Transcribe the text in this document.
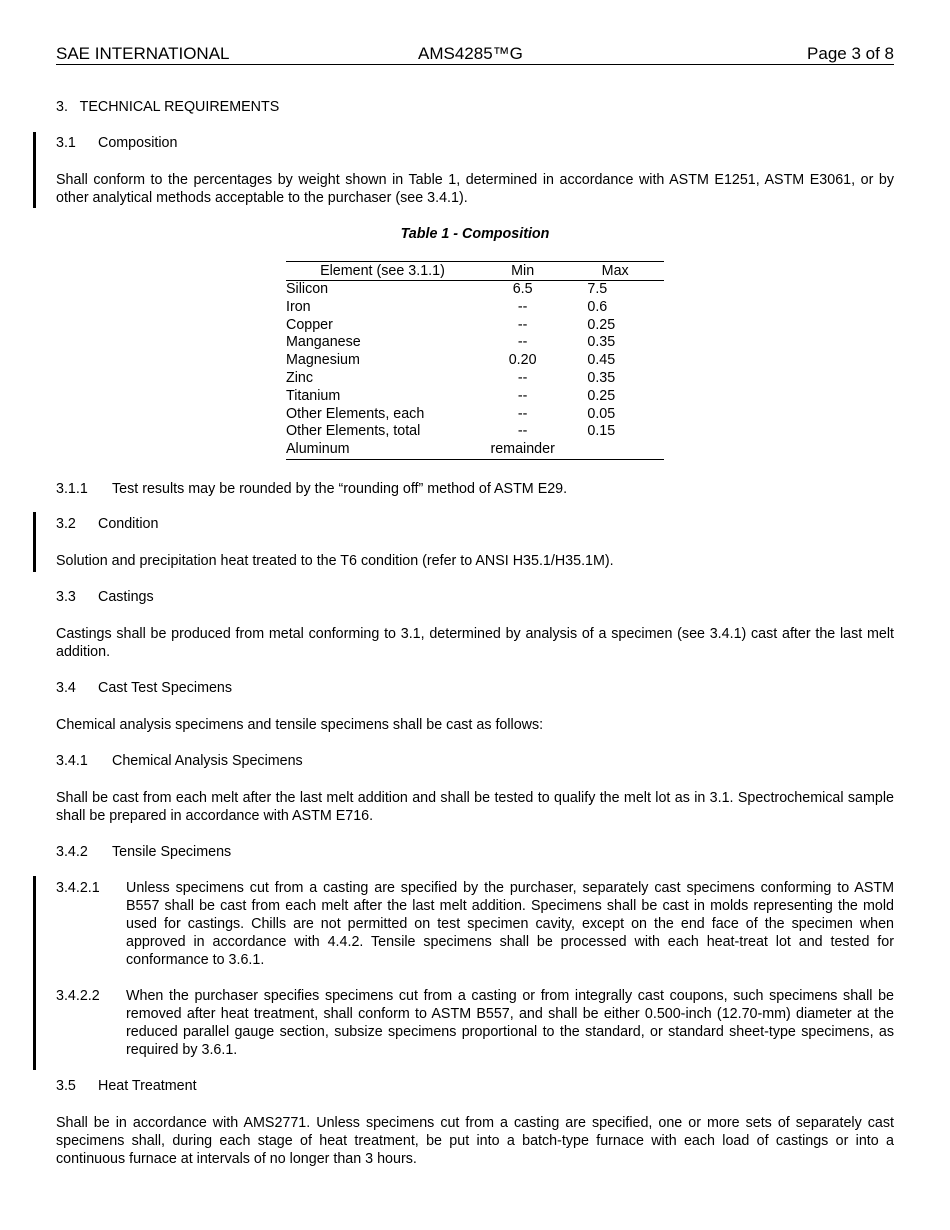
SAE INTERNATIONAL	AMS4285™G	Page 3 of 8
3. TECHNICAL REQUIREMENTS
3.1 Composition
Shall conform to the percentages by weight shown in Table 1, determined in accordance with ASTM E1251, ASTM E3061, or by other analytical methods acceptable to the purchaser (see 3.4.1).
Table 1 - Composition
Element (see 3.1.1)	Min	Max
Silicon	6.5	7.5
Iron	--	0.6
Copper	--	0.25
Manganese	--	0.35
Magnesium	0.20	0.45
Zinc	--	0.35
Titanium	--	0.25
Other Elements, each	--	0.05
Other Elements, total	--	0.15
Aluminum	remainder	
3.1.1 Test results may be rounded by the “rounding off” method of ASTM E29.
3.2 Condition
Solution and precipitation heat treated to the T6 condition (refer to ANSI H35.1/H35.1M).
3.3 Castings
Castings shall be produced from metal conforming to 3.1, determined by analysis of a specimen (see 3.4.1) cast after the last melt addition.
3.4 Cast Test Specimens
Chemical analysis specimens and tensile specimens shall be cast as follows:
3.4.1 Chemical Analysis Specimens
Shall be cast from each melt after the last melt addition and shall be tested to qualify the melt lot as in 3.1. Spectrochemical sample shall be prepared in accordance with ASTM E716.
3.4.2 Tensile Specimens
3.4.2.1 Unless specimens cut from a casting are specified by the purchaser, separately cast specimens conforming to ASTM B557 shall be cast from each melt after the last melt addition. Specimens shall be cast in molds representing the mold used for castings. Chills are not permitted on test specimen cavity, except on the end face of the specimen when approved in accordance with 4.4.2. Tensile specimens shall be processed with each heat-treat lot and tested for conformance to 3.6.1.
3.4.2.2 When the purchaser specifies specimens cut from a casting or from integrally cast coupons, such specimens shall be removed after heat treatment, shall conform to ASTM B557, and shall be either 0.500-inch (12.70-mm) diameter at the reduced parallel gauge section, subsize specimens proportional to the standard, or standard sheet-type specimens, as required by 3.6.1.
3.5 Heat Treatment
Shall be in accordance with AMS2771. Unless specimens cut from a casting are specified, one or more sets of separately cast specimens shall, during each stage of heat treatment, be put into a batch-type furnace with each load of castings or into a continuous furnace at intervals of no longer than 3 hours.
